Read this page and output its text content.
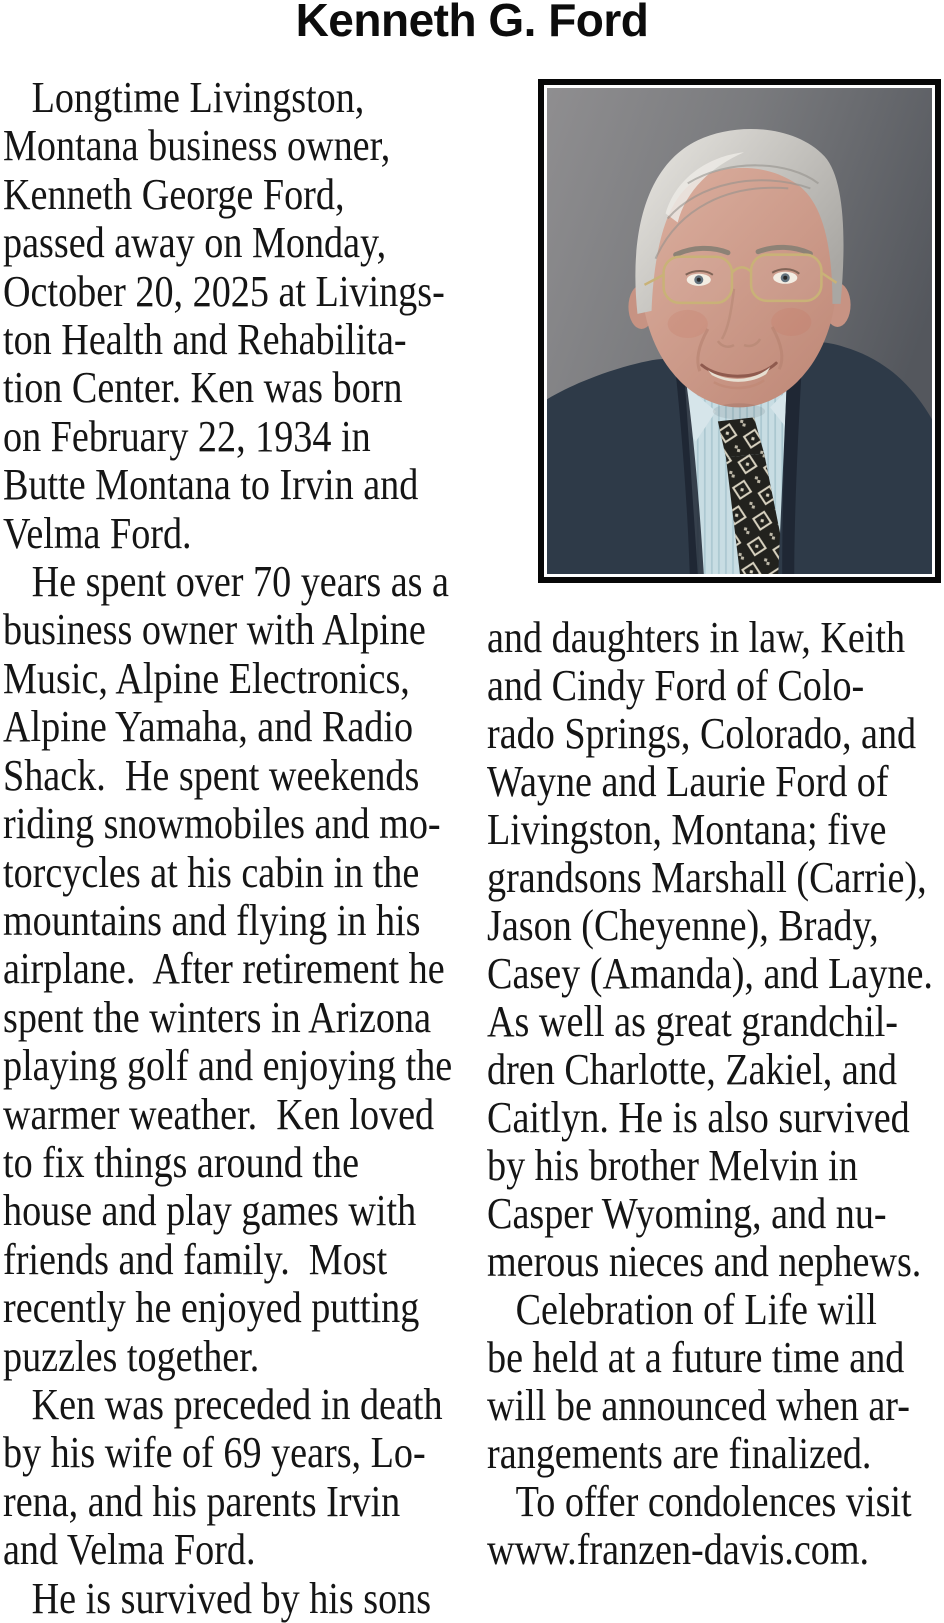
Kenneth G. Ford
Longtime Livingston,
Montana business owner,
Kenneth George Ford,
passed away on Monday,
October 20, 2025 at Livings-
ton Health and Rehabilita-
tion Center. Ken was born
on February 22, 1934 in
Butte Montana to Irvin and
Velma Ford.
He spent over 70 years as a
business owner with Alpine
Music, Alpine Electronics,
Alpine Yamaha, and Radio
Shack.  He spent weekends
riding snowmobiles and mo-
torcycles at his cabin in the
mountains and flying in his
airplane.  After retirement he
spent the winters in Arizona
playing golf and enjoying the
warmer weather.  Ken loved
to fix things around the
house and play games with
friends and family.  Most
recently he enjoyed putting
puzzles together.
Ken was preceded in death
by his wife of 69 years, Lo-
rena, and his parents Irvin
and Velma Ford.
He is survived by his sons
and daughters in law, Keith
and Cindy Ford of Colo-
rado Springs, Colorado, and
Wayne and Laurie Ford of
Livingston, Montana; five
grandsons Marshall (Carrie),
Jason (Cheyenne), Brady,
Casey (Amanda), and Layne.
As well as great grandchil-
dren Charlotte, Zakiel, and
Caitlyn. He is also survived
by his brother Melvin in
Casper Wyoming, and nu-
merous nieces and nephews.
Celebration of Life will
be held at a future time and
will be announced when ar-
rangements are finalized.
To offer condolences visit
www.franzen-davis.com.
